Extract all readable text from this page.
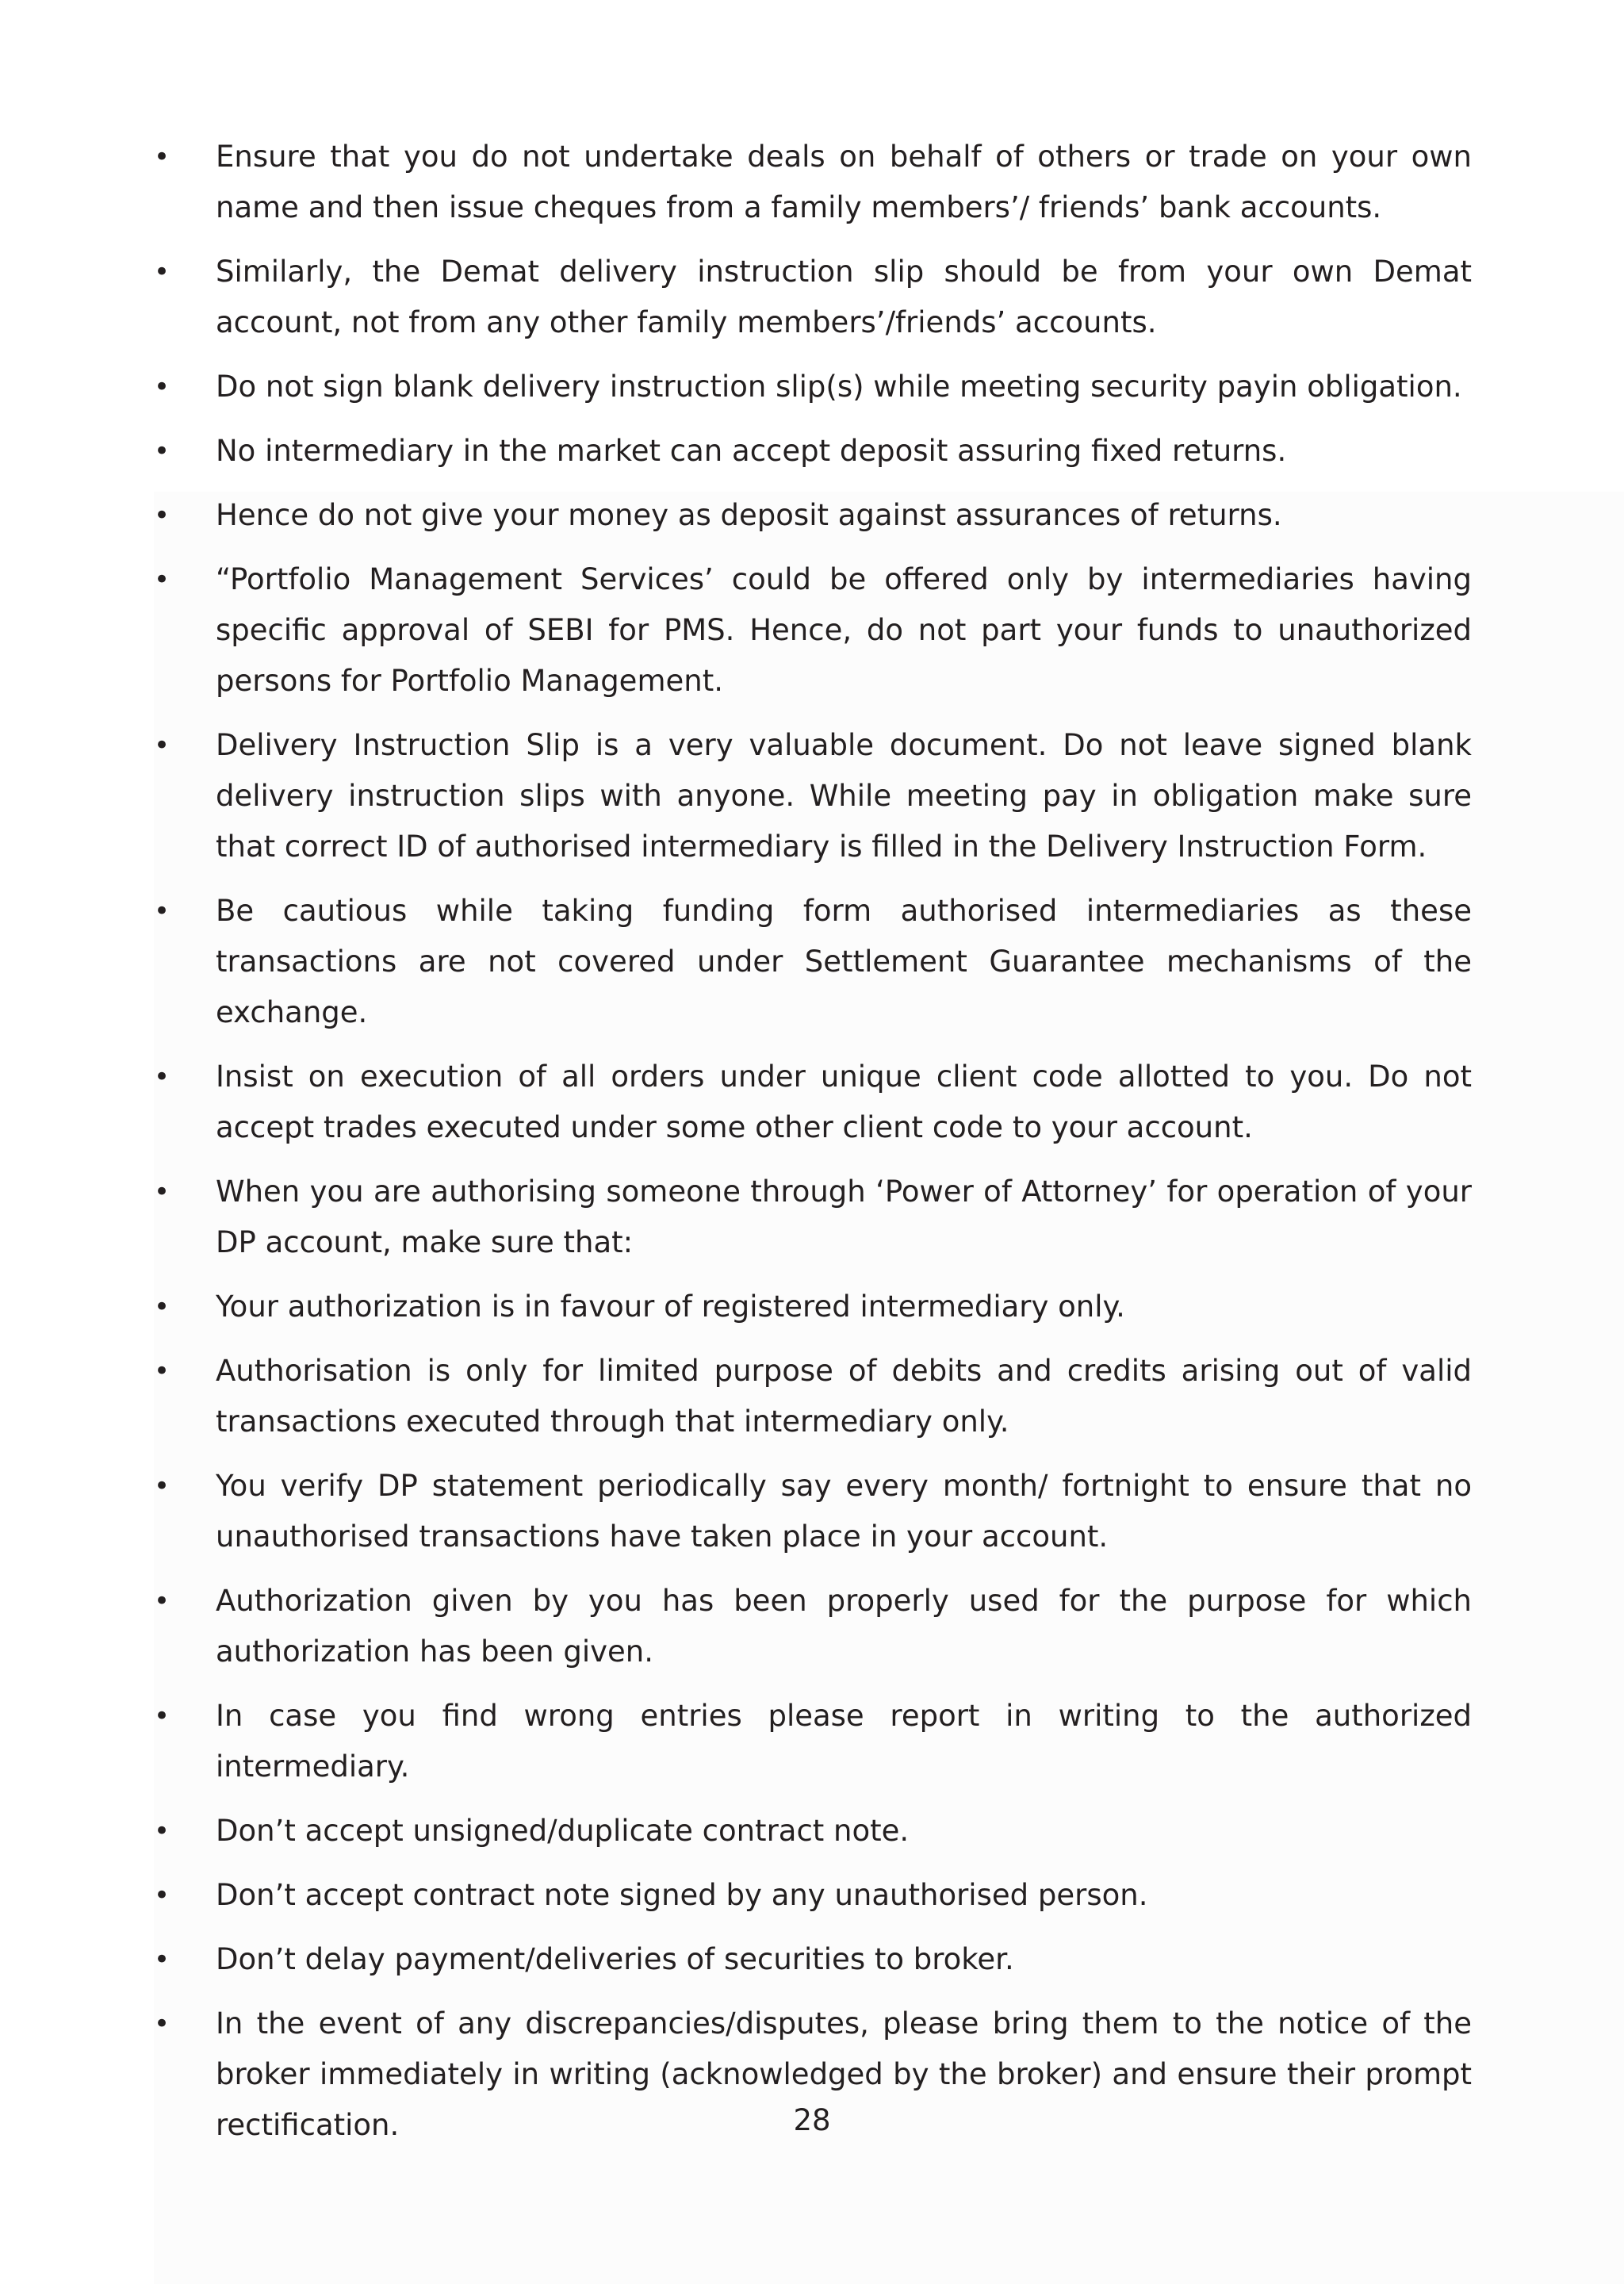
• Ensure that you do not undertake deals on behalf of others or trade on your own name and then issue cheques from a family members’/ friends’ bank accounts.
• Similarly, the Demat delivery instruction slip should be from your own Demat account, not from any other family members’/friends’ accounts.
• Do not sign blank delivery instruction slip(s) while meeting security payin obligation.
• No intermediary in the market can accept deposit assuring fixed returns.
• Hence do not give your money as deposit against assurances of returns.
• “Portfolio Management Services’ could be offered only by intermediaries having specific approval of SEBI for PMS. Hence, do not part your funds to unauthorized persons for Portfolio Management.
• Delivery Instruction Slip is a very valuable document. Do not leave signed blank delivery instruction slips with anyone. While meeting pay in obligation make sure that correct ID of authorised intermediary is filled in the Delivery Instruction Form.
• Be cautious while taking funding form authorised intermediaries as these transactions are not covered under Settlement Guarantee mechanisms of the exchange.
• Insist on execution of all orders under unique client code allotted to you. Do not accept trades executed under some other client code to your account.
• When you are authorising someone through ‘Power of Attorney’ for operation of your DP account, make sure that:
• Your authorization is in favour of registered intermediary only.
• Authorisation is only for limited purpose of debits and credits arising out of valid transactions executed through that intermediary only.
• You verify DP statement periodically say every month/ fortnight to ensure that no unauthorised transactions have taken place in your account.
• Authorization given by you has been properly used for the purpose for which authorization has been given.
• In case you find wrong entries please report in writing to the authorized intermediary.
• Don’t accept unsigned/duplicate contract note.
• Don’t accept contract note signed by any unauthorised person.
• Don’t delay payment/deliveries of securities to broker.
• In the event of any discrepancies/disputes, please bring them to the notice of the broker immediately in writing (acknowledged by the broker) and ensure their prompt rectification.	28
